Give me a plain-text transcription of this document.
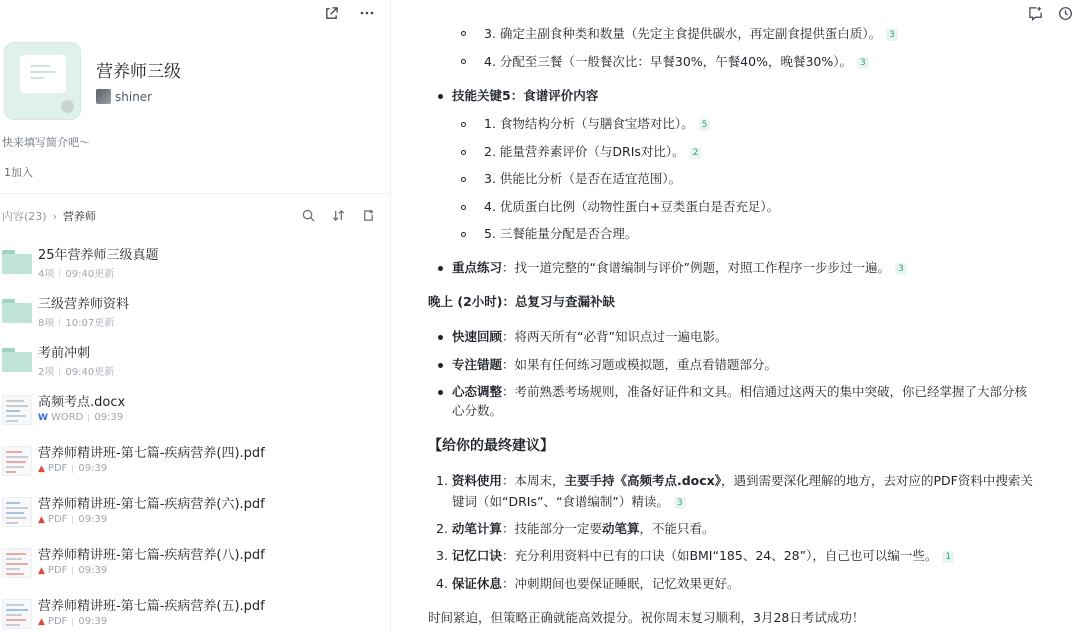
营养师三级
shiner
快来填写简介吧～
1加入
内容(23) › 营养师
25年营养师三级真题
4项 09:40更新
三级营养师资料
8项 10:07更新
考前冲刺
2项 09:40更新
高频考点.docx
W WORD 09:39
营养师精讲班-第七篇-疾病营养(四).pdf
▲ PDF 09:39
营养师精讲班-第七篇-疾病营养(六).pdf
▲ PDF 09:39
营养师精讲班-第七篇-疾病营养(八).pdf
▲ PDF 09:39
营养师精讲班-第七篇-疾病营养(五).pdf
▲ PDF 09:39
3. 确定主副食种类和数量（先定主食提供碳水，再定副食提供蛋白质）。 3
4. 分配至三餐（一般餐次比：早餐30%，午餐40%，晚餐30%）。 3
技能关键5：食谱评价内容
1. 食物结构分析（与膳食宝塔对比）。 5
2. 能量营养素评价（与DRIs对比）。 2
3. 供能比分析（是否在适宜范围）。
4. 优质蛋白比例（动物性蛋白+豆类蛋白是否充足）。
5. 三餐能量分配是否合理。
重点练习：找一道完整的“食谱编制与评价”例题，对照工作程序一步步过一遍。 3
晚上 (2小时)：总复习与查漏补缺
快速回顾：将两天所有“必背”知识点过一遍电影。
专注错题：如果有任何练习题或模拟题，重点看错题部分。
心态调整：考前熟悉考场规则，准备好证件和文具。相信通过这两天的集中突破，你已经掌握了大部分核
心分数。
【给你的最终建议】
1. 资料使用：本周末，主要手持《高频考点.docx》，遇到需要深化理解的地方，去对应的PDF资料中搜索关
键词（如“DRIs”、“食谱编制”）精读。 3
2. 动笔计算：技能部分一定要动笔算，不能只看。
3. 记忆口诀：充分利用资料中已有的口诀（如BMI“185、24、28”），自己也可以编一些。 1
4. 保证休息：冲刺期间也要保证睡眠，记忆效果更好。
时间紧迫，但策略正确就能高效提分。祝你周末复习顺利，3月28日考试成功！
